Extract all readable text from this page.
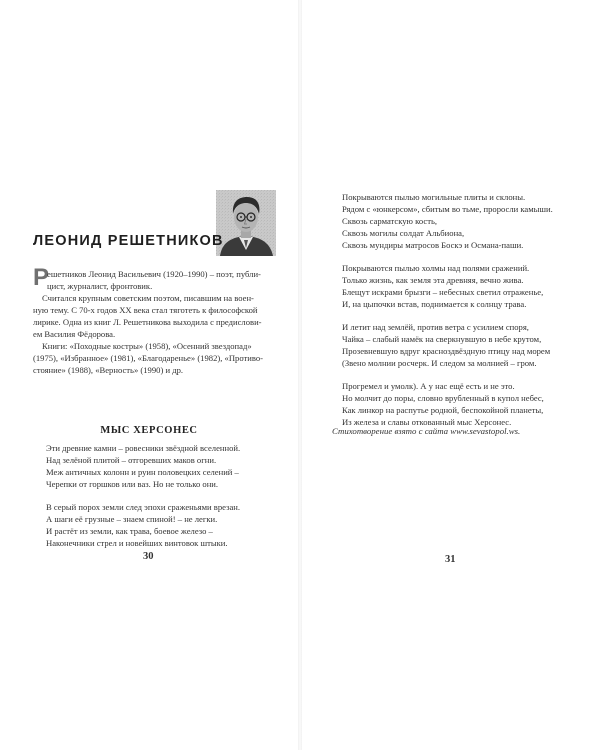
ЛЕОНИД РЕШЕТНИКОВ
Р
ешетников Леонид Васильевич (1920–1990) – поэт, публи-
цист, журналист, фронтовик.
Считался крупным советским поэтом, писавшим на воен-
ную тему. С 70-х годов XX века стал тяготеть к философской
лирике. Одна из книг Л. Решетникова выходила с предислови-
ем Василия Фёдорова.
Книги: «Походные костры» (1958), «Осенний звездопад»
(1975), «Избранное» (1981), «Благодаренье» (1982), «Противо-
стояние» (1988), «Верность» (1990) и др.
МЫС ХЕРСОНЕС
Эти древние камни – ровесники звёздной вселенной.
Над зелёной плитой – отгоревших маков огни.
Меж античных колонн и руин половецких селений –
Черепки от горшков или ваз. Но не только они.
В серый порох земли след эпохи сраженьями врезан.
А шаги её грузные – знаем спиной! – не легки.
И растёт из земли, как трава, боевое железо –
Наконечники стрел и новейших винтовок штыки.
30
Покрываются пылью могильные плиты и склоны.
Рядом с «юнкерсом», сбитым во тьме, проросли камыши.
Сквозь сарматскую кость,
Сквозь могилы солдат Альбиона,
Сквозь мундиры матросов Боскэ и Османа-паши.
Покрываются пылью холмы над полями сражений.
Только жизнь, как земля эта древняя, вечно жива.
Блещут искрами брызги – небесных светил отраженье,
И, на цыпочки встав, поднимается к солнцу трава.
И летит над землёй, против ветра с усилием споря,
Чайка – слабый намёк на сверкнувшую в небе крутом,
Прозевневшую вдруг красноздвёздную птицу над морем
(Звено молнии росчерк. И следом за молнией – гром.
Прогремел и умолк). А у нас ещё есть и не это.
Но молчит до поры, словно врубленный в купол небес,
Как линкор на распутье родной, беспокойной планеты,
Из железа и славы откованный мыс Херсонес.
Стихотворение взято с сайта www.sevastopol.ws.
31
